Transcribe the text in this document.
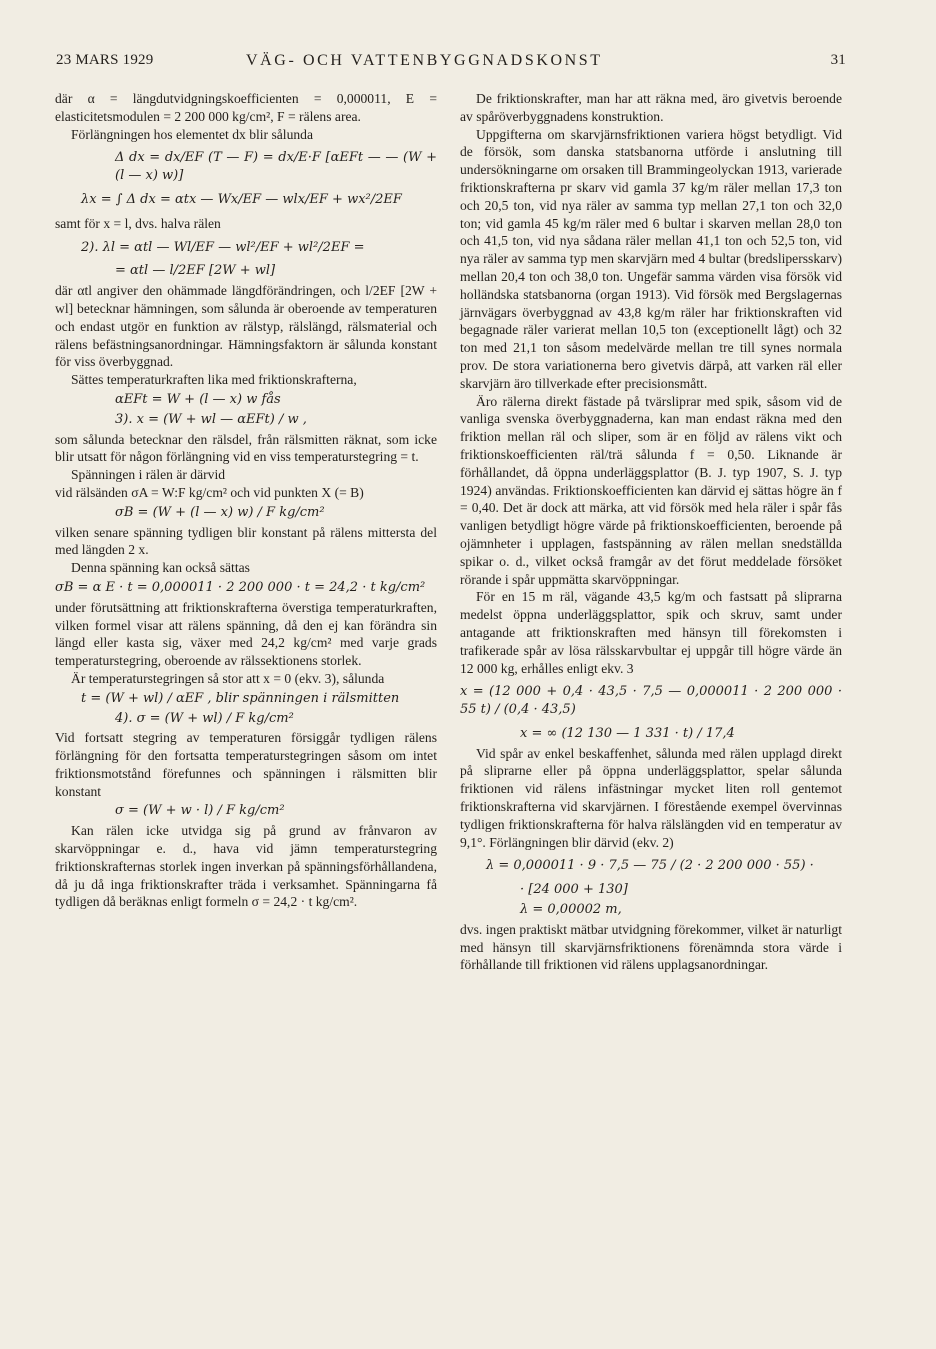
23 MARS 1929	VÄG- OCH VATTENBYGGNADSKONST	31

där α = längdutvidgningskoefficienten = 0,000011, E = elasticitetsmodulen = 2 200 000 kg/cm², F = rälens area.

Förlängningen hos elementet dx blir sålunda

Δ dx = dx/EF (T — F) = dx/E·F [αEFt — — (W + (l — x) w)]

λx = ∫ Δ dx = αtx — Wx/EF — wlx/EF + wx²/2EF

samt för x = l, dvs. halva rälen

2). λl = αtl — Wl/EF — wl²/EF + wl²/2EF =

= αtl — l/2EF [2W + wl]

där αtl angiver den ohämmade längdförändringen, och l/2EF [2W + wl] betecknar hämningen, som sålunda är oberoende av temperaturen och endast utgör en funktion av rälstyp, rälslängd, rälsmaterial och rälens befästningsanordningar. Hämningsfaktorn är sålunda konstant för viss överbyggnad.

Sättes temperaturkraften lika med friktionskrafterna,

αEFt = W + (l — x) w fås

3). x = (W + wl — αEFt) / w ,

som sålunda betecknar den rälsdel, från rälsmitten räknat, som icke blir utsatt för någon förlängning vid en viss temperaturstegring = t.

Spänningen i rälen är därvid

vid rälsänden σA = W:F kg/cm² och vid punkten X (= B)

σB = (W + (l — x) w) / F kg/cm²

vilken senare spänning tydligen blir konstant på rälens mittersta del med längden 2 x.

Denna spänning kan också sättas

σB = α E · t = 0,000011 · 2 200 000 · t = 24,2 · t kg/cm²

under förutsättning att friktionskrafterna överstiga temperaturkraften, vilken formel visar att rälens spänning, då den ej kan förändra sin längd eller kasta sig, växer med 24,2 kg/cm² med varje grads temperaturstegring, oberoende av rälssektionens storlek.

Är temperaturstegringen så stor att x = 0 (ekv. 3), sålunda

t = (W + wl) / αEF , blir spänningen i rälsmitten

4). σ = (W + wl) / F kg/cm²

Vid fortsatt stegring av temperaturen försiggår tydligen rälens förlängning för den fortsatta temperaturstegringen såsom om intet friktionsmotstånd förefunnes och spänningen i rälsmitten blir konstant

σ = (W + w · l) / F kg/cm²

Kan rälen icke utvidga sig på grund av frånvaron av skarvöppningar e. d., hava vid jämn temperaturstegring friktionskrafternas storlek ingen inverkan på spänningsförhållandena, då ju då inga friktionskrafter träda i verksamhet. Spänningarna få tydligen då beräknas enligt formeln σ = 24,2 · t kg/cm².

De friktionskrafter, man har att räkna med, äro givetvis beroende av spåröverbyggnadens konstruktion.

Uppgifterna om skarvjärnsfriktionen variera högst betydligt. Vid de försök, som danska statsbanorna utförde i anslutning till undersökningarne om orsaken till Brammingeolyckan 1913, varierade friktionskrafterna pr skarv vid gamla 37 kg/m räler mellan 17,3 ton och 20,5 ton, vid nya räler av samma typ mellan 27,1 ton och 32,0 ton; vid gamla 45 kg/m räler med 6 bultar i skarven mellan 28,0 ton och 41,5 ton, vid nya sådana räler mellan 41,1 ton och 52,5 ton, vid nya räler av samma typ men skarvjärn med 4 bultar (bredslipersskarv) mellan 20,4 ton och 38,0 ton. Ungefär samma värden visa försök vid holländska statsbanorna (organ 1913). Vid försök med Bergslagernas järnvägars överbyggnad av 43,8 kg/m räler har friktionskraften vid begagnade räler varierat mellan 10,5 ton (exceptionellt lågt) och 32 ton med 21,1 ton såsom medelvärde mellan tre till synes normala prov. De stora variationerna bero givetvis därpå, att varken räl eller skarvjärn äro tillverkade efter precisionsmått.

Äro rälerna direkt fästade på tvärsliprar med spik, såsom vid de vanliga svenska överbyggnaderna, kan man endast räkna med den friktion mellan räl och sliper, som är en följd av rälens vikt och friktionskoefficienten räl/trä sålunda f = 0,50. Liknande är förhållandet, då öppna underläggsplattor (B. J. typ 1907, S. J. typ 1924) användas. Friktionskoefficienten kan därvid ej sättas högre än f = 0,40. Det är dock att märka, att vid försök med hela räler i spår fås vanligen betydligt högre värde på friktionskoefficienten, beroende på ojämnheter i upplagen, fastspänning av rälen mellan snedställda spikar o. d., vilket också framgår av det förut meddelade försöket rörande i spår uppmätta skarvöppningar.

För en 15 m räl, vägande 43,5 kg/m och fastsatt på sliprarna medelst öppna underläggsplattor, spik och skruv, samt under antagande att friktionskraften med hänsyn till förekomsten i trafikerade spår av lösa rälsskarvbultar ej uppgår till högre värde än 12 000 kg, erhålles enligt ekv. 3

x = (12 000 + 0,4 · 43,5 · 7,5 — 0,000011 · 2 200 000 · 55 t) / (0,4 · 43,5)

x = ∞ (12 130 — 1 331 · t) / 17,4

Vid spår av enkel beskaffenhet, sålunda med rälen upplagd direkt på sliprarne eller på öppna underläggsplattor, spelar sålunda friktionen vid rälens infästningar mycket liten roll gentemot friktionskrafterna vid skarvjärnen. I förestående exempel övervinnas tydligen friktionskrafterna för halva rälslängden vid en temperatur av 9,1°. Förlängningen blir därvid (ekv. 2)

λ = 0,000011 · 9 · 7,5 — 75 / (2 · 2 200 000 · 55) ·

· [24 000 + 130]

λ = 0,00002 m,

dvs. ingen praktiskt mätbar utvidgning förekommer, vilket är naturligt med hänsyn till skarvjärnsfriktionens förenämnda stora värde i förhållande till friktionen vid rälens upplagsanordningar.
